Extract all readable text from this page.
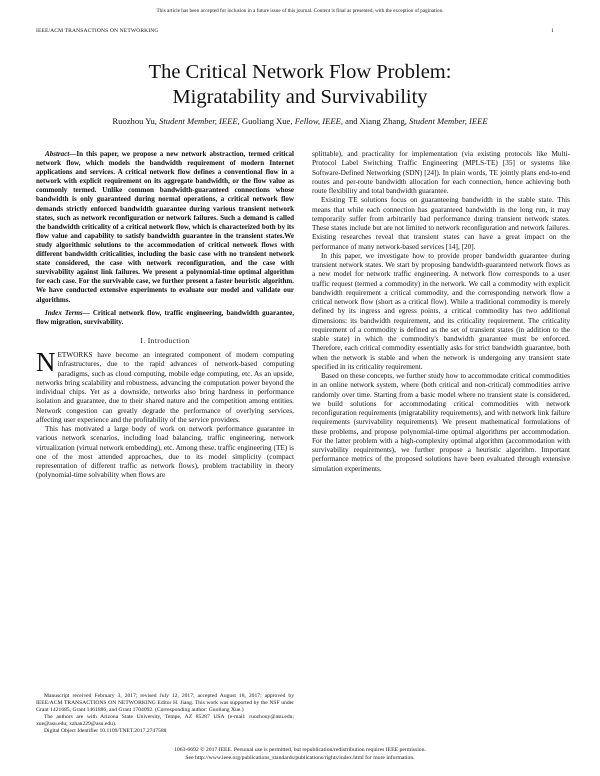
This article has been accepted for inclusion in a future issue of this journal. Content is final as presented, with the exception of pagination.
IEEE/ACM TRANSACTIONS ON NETWORKING	1
The Critical Network Flow Problem:
Migratability and Survivability
Ruozhou Yu, Student Member, IEEE, Guoliang Xue, Fellow, IEEE, and Xiang Zhang, Student Member, IEEE

Abstract—In this paper, we propose a new network abstraction, termed critical network flow, which models the bandwidth requirement of modern Internet applications and services. A critical network flow defines a conventional flow in a network with explicit requirement on its aggregate bandwidth, or the flow value as commonly termed. Unlike common bandwidth-guaranteed connections whose bandwidth is only guaranteed during normal operations, a critical network flow demands strictly enforced bandwidth guarantee during various transient network states, such as network reconfiguration or network failures. Such a demand is called the bandwidth criticality of a critical network flow, which is characterized both by its flow value and capability to satisfy bandwidth guarantee in the transient states.We study algorithmic solutions to the accommodation of critical network flows with different bandwidth criticalities, including the basic case with no transient network state considered, the case with network reconfiguration, and the case with survivability against link failures. We present a polynomial-time optimal algorithm for each case. For the survivable case, we further present a faster heuristic algorithm. We have conducted extensive experiments to evaluate our model and validate our algorithms.

Index Terms— Critical network flow, traffic engineering, bandwidth guarantee, flow migration, survivability.

I. Introduction

NETWORKS have become an integrated component of modern computing infrastructures, due to the rapid advances of network-based computing paradigms, such as cloud computing, mobile edge computing, etc. As an upside, networks bring scalability and robustness, advancing the computation power beyond the individual chips. Yet as a downside, networks also bring hardness in performance isolation and guarantee, due to their shared nature and the competition among entities. Network congestion can greatly degrade the performance of overlying services, affecting user experience and the profitability of the service providers.

This has motivated a large body of work on network performance guarantee in various network scenarios, including load balancing, traffic engineering, network virtualization (virtual network embedding), etc. Among these, traffic engineering (TE) is one of the most attended approaches, due to its model simplicity (compact representation of different traffic as network flows), problem tractability in theory (polynomial-time solvability when flows are

Manuscript received February 3, 2017; revised July 12, 2017; accepted August 18, 2017; approved by IEEE/ACM TRANSACTIONS ON NETWORKING Editor H. Jiang. This work was supported by the NSF under Grant 1421685, Grant 1461886, and Grant 1704092. (Corresponding author: Guoliang Xue.)

The authors are with Arizona State University, Tempe, AZ 85287 USA (e-mail: ruozhouy@asu.edu; xue@asu.edu; xzhan229@asu.edu).

Digital Object Identifier 10.1109/TNET.2017.2747588

splittable), and practicality for implementation (via existing protocols like Multi-Protocol Label Switching Traffic Engineering (MPLS-TE) [35] or systems like Software-Defined Networking (SDN) [24]). In plain words, TE jointly plans end-to-end routes and per-route bandwidth allocation for each connection, hence achieving both route flexibility and total bandwidth guarantee.

Existing TE solutions focus on guaranteeing bandwidth in the stable state. This means that while each connection has guaranteed bandwidth in the long run, it may temporarily suffer from arbitrarily bad performance during transient network states. These states include but are not limited to network reconfiguration and network failures. Existing researches reveal that transient states can have a great impact on the performance of many network-based services [14], [20].

In this paper, we investigate how to provide proper bandwidth guarantee during transient network states. We start by proposing bandwidth-guaranteed network flows as a new model for network traffic engineering. A network flow corresponds to a user traffic request (termed a commodity) in the network. We call a commodity with explicit bandwidth requirement a critical commodity, and the corresponding network flow a critical network flow (short as a critical flow). While a traditional commodity is merely defined by its ingress and egress points, a critical commodity has two additional dimensions: its bandwidth requirement, and its criticality requirement. The criticality requirement of a commodity is defined as the set of transient states (in addition to the stable state) in which the commodity's bandwidth guarantee must be enforced. Therefore, each critical commodity essentially asks for strict bandwidth guarantee, both when the network is stable and when the network is undergoing any transient state specified in its criticality requirement.

Based on these concepts, we further study how to accommodate critical commodities in an online network system, where (both critical and non-critical) commodities arrive randomly over time. Starting from a basic model where no transient state is considered, we build solutions for accommodating critical commodities with network reconfiguration requirements (migratability requirements), and with network link failure requirements (survivability requirements). We present mathematical formulations of these problems, and propose polynomial-time optimal algorithms per accommodation. For the latter problem with a high-complexity optimal algorithm (accommodation with survivability requirements), we further propose a heuristic algorithm. Important performance metrics of the proposed solutions have been evaluated through extensive simulation experiments.

1063-6692 © 2017 IEEE. Personal use is permitted, but republication/redistribution requires IEEE permission.
See http://www.ieee.org/publications_standards/publications/rights/index.html for more information.
